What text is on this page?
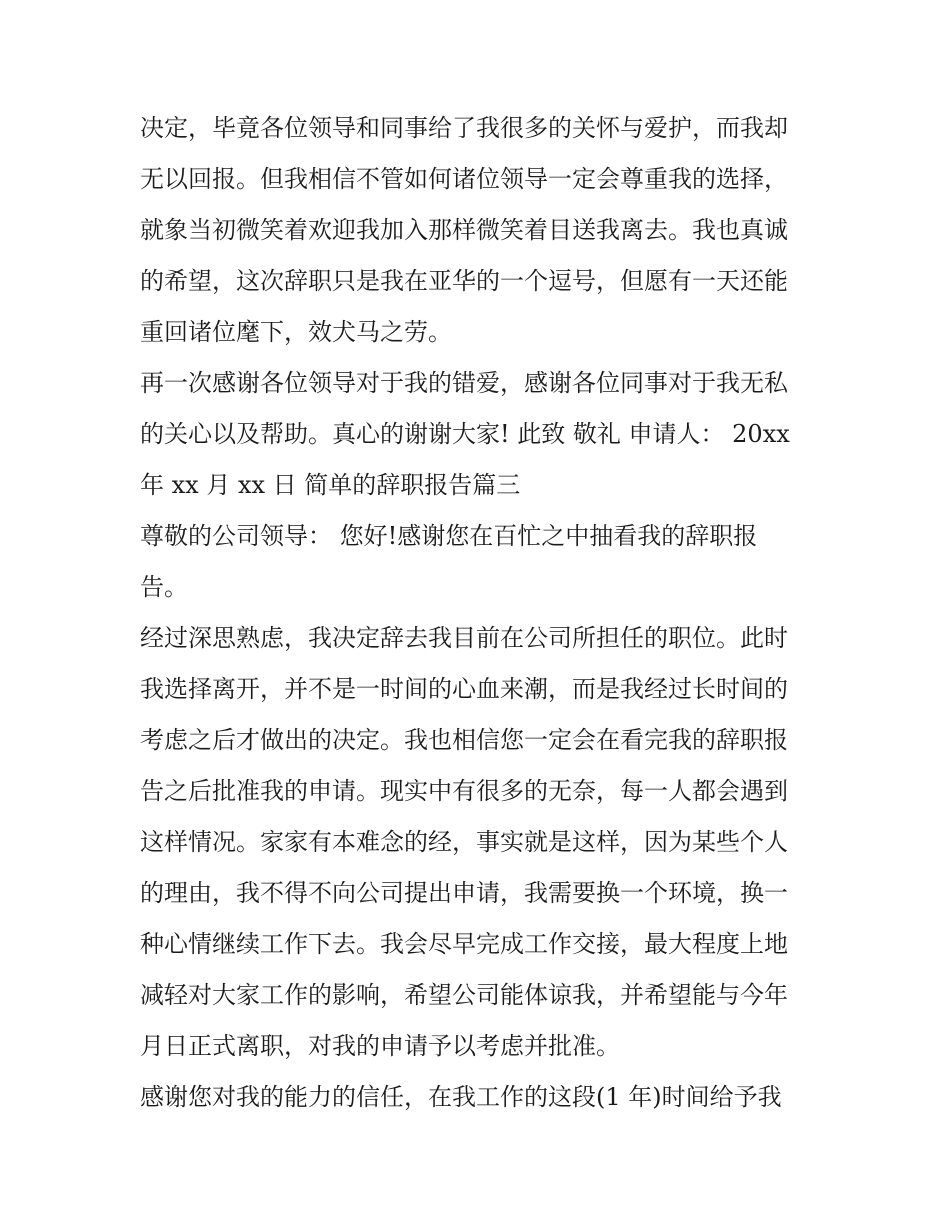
决定，毕竟各位领导和同事给了我很多的关怀与爱护，而我却
无以回报。但我相信不管如何诸位领导一定会尊重我的选择，
就象当初微笑着欢迎我加入那样微笑着目送我离去。我也真诚
的希望，这次辞职只是我在亚华的一个逗号，但愿有一天还能
重回诸位麾下，效犬马之劳。
再一次感谢各位领导对于我的错爱，感谢各位同事对于我无私
的关心以及帮助。真心的谢谢大家! 此致 敬礼 申请人： 20xx
年 xx 月 xx 日 简单的辞职报告篇三
尊敬的公司领导： 您好!感谢您在百忙之中抽看我的辞职报
告。
经过深思熟虑，我决定辞去我目前在公司所担任的职位。此时
我选择离开，并不是一时间的心血来潮，而是我经过长时间的
考虑之后才做出的决定。我也相信您一定会在看完我的辞职报
告之后批准我的申请。现实中有很多的无奈，每一人都会遇到
这样情况。家家有本难念的经，事实就是这样，因为某些个人
的理由，我不得不向公司提出申请，我需要换一个环境，换一
种心情继续工作下去。我会尽早完成工作交接，最大程度上地
减轻对大家工作的影响，希望公司能体谅我，并希望能与今年
月日正式离职，对我的申请予以考虑并批准。
感谢您对我的能力的信任，在我工作的这段(1 年)时间给予我
